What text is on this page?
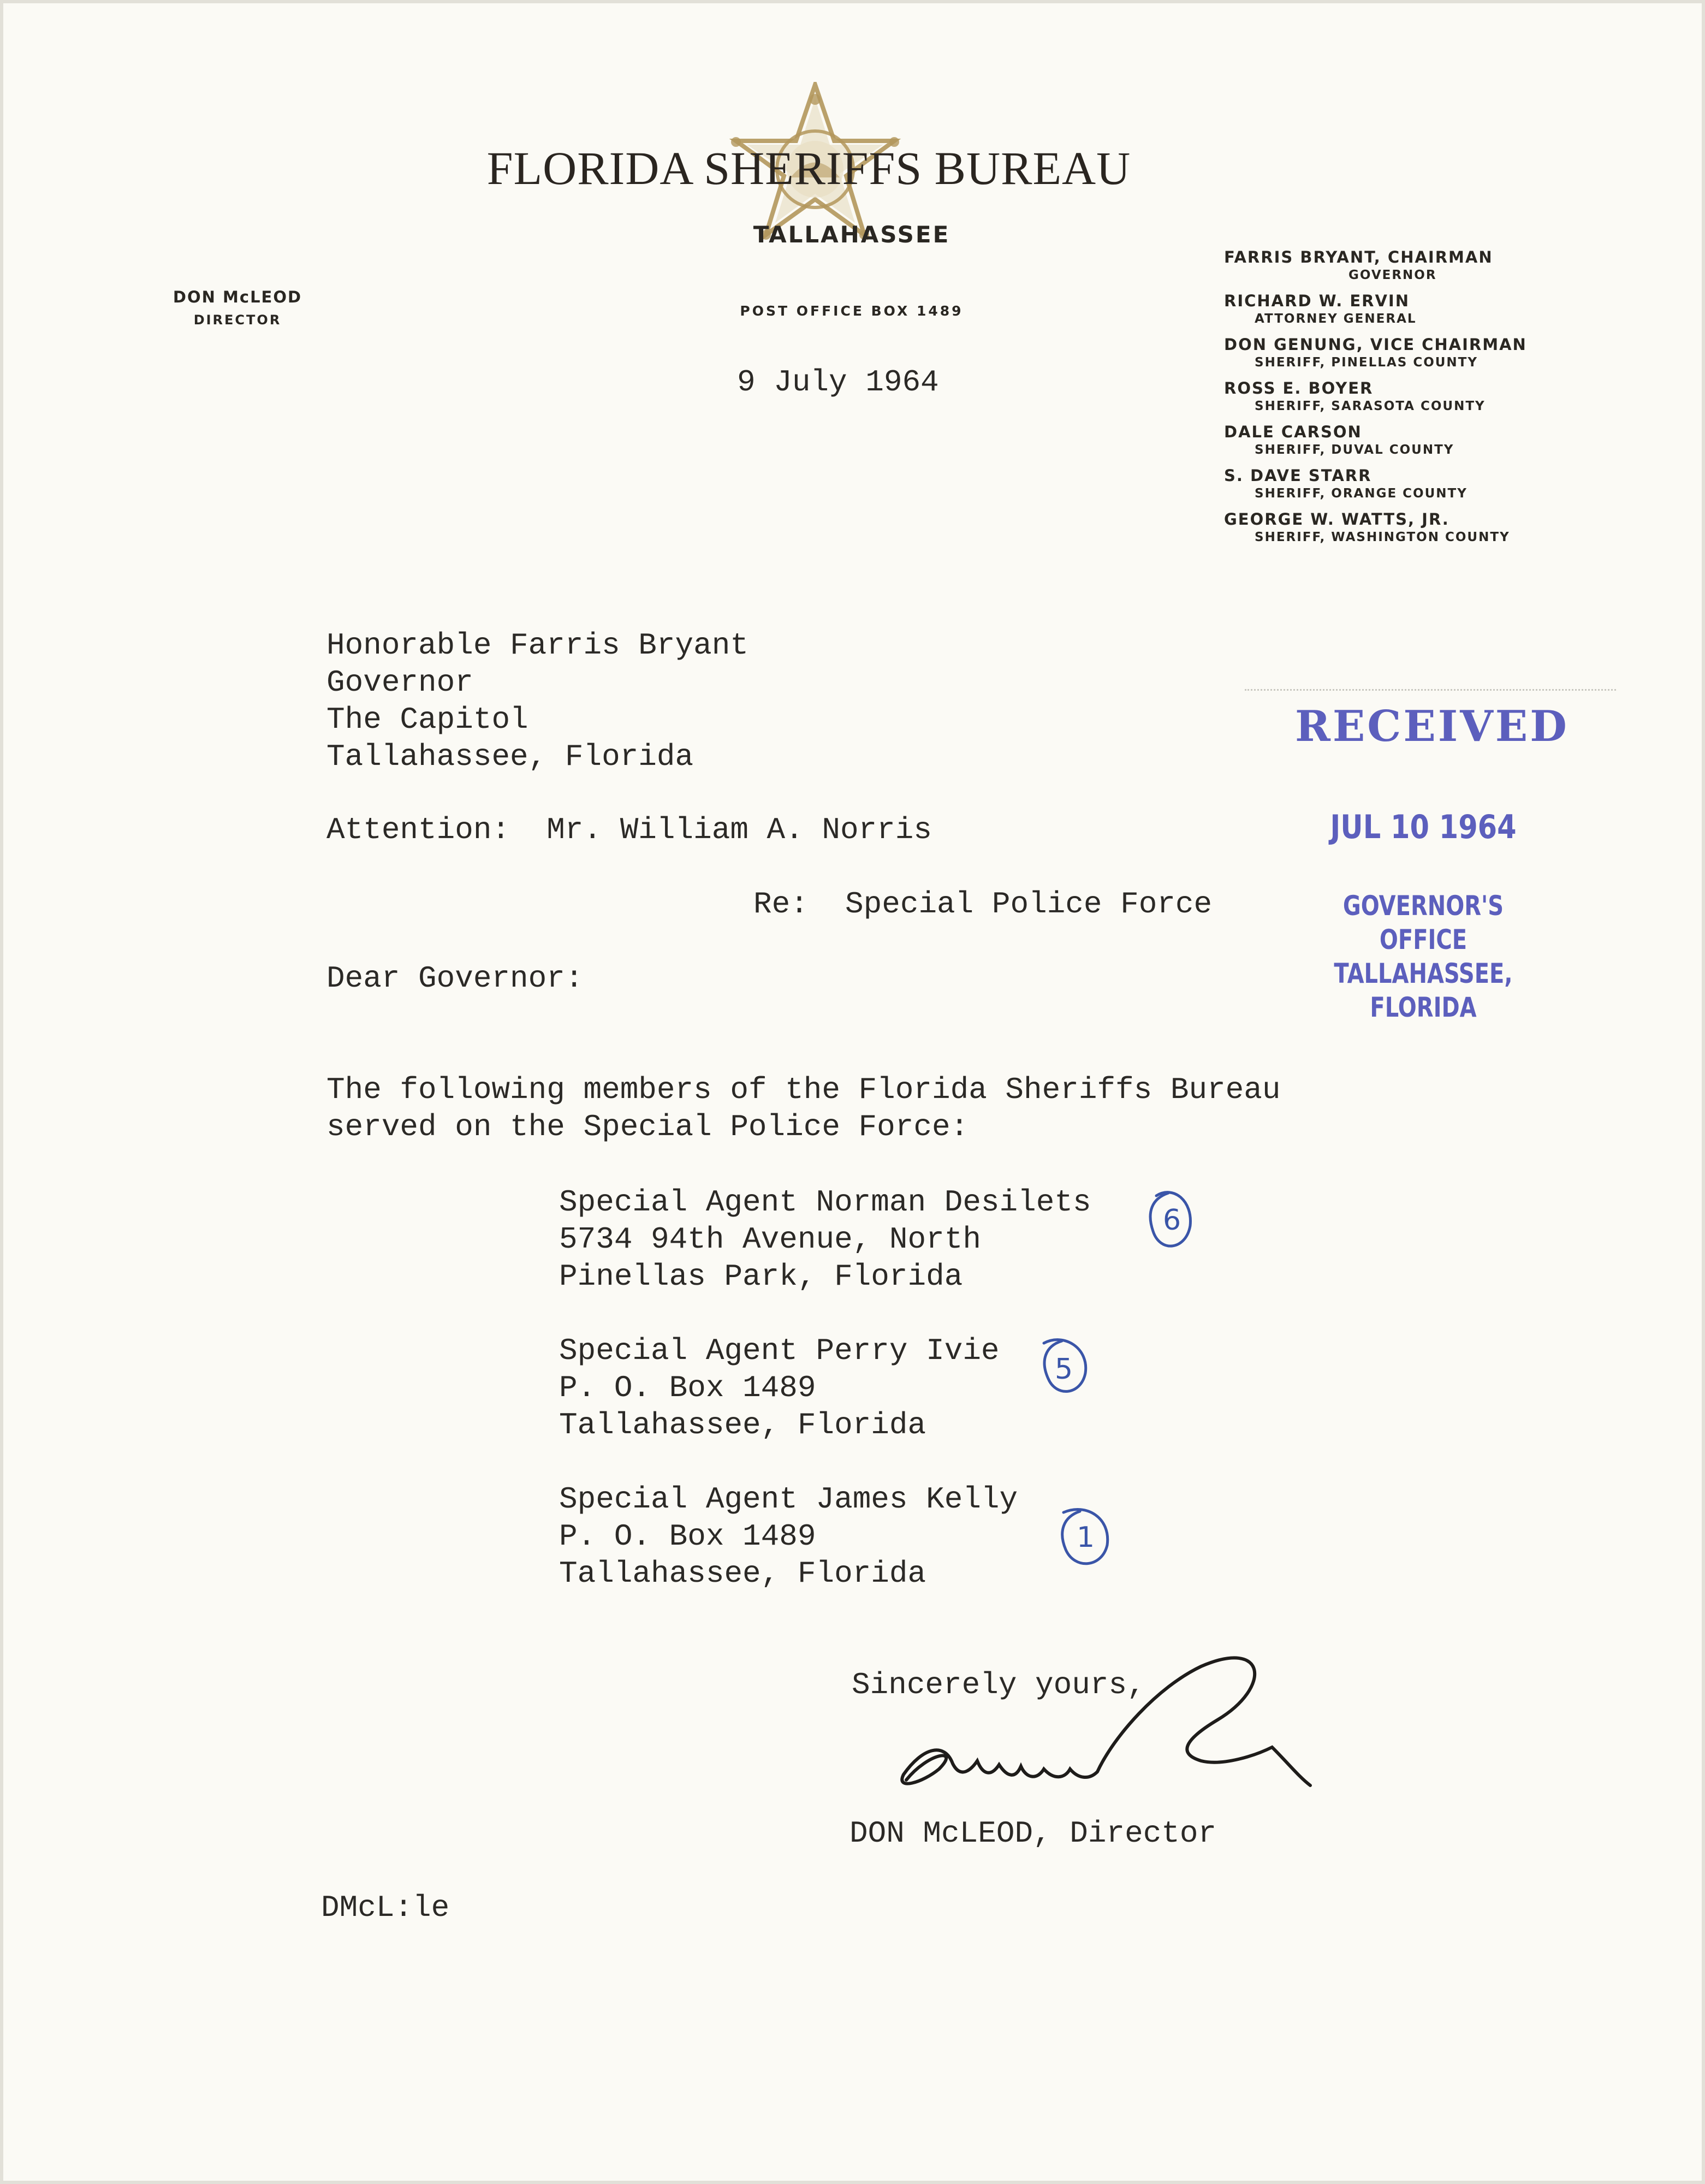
FLORIDA SHERIFFS BUREAU
TALLAHASSEE
POST OFFICE BOX 1489
DON McLEOD
DIRECTOR
FARRIS BRYANT, CHAIRMAN
GOVERNOR
RICHARD W. ERVIN
ATTORNEY GENERAL
DON GENUNG, VICE CHAIRMAN
SHERIFF, PINELLAS COUNTY
ROSS E. BOYER
SHERIFF, SARASOTA COUNTY
DALE CARSON
SHERIFF, DUVAL COUNTY
S. DAVE STARR
SHERIFF, ORANGE COUNTY
GEORGE W. WATTS, JR.
SHERIFF, WASHINGTON COUNTY
9 July 1964
Honorable Farris Bryant
Governor
The Capitol
Tallahassee, Florida
Attention:  Mr. William A. Norris
Re:  Special Police Force
Dear Governor:
The following members of the Florida Sheriffs Bureau
served on the Special Police Force:
Special Agent Norman Desilets
5734 94th Avenue, North
Pinellas Park, Florida
Special Agent Perry Ivie
P. O. Box 1489
Tallahassee, Florida
Special Agent James Kelly
P. O. Box 1489
Tallahassee, Florida
Sincerely yours,
DON McLEOD, Director
DMcL:le
RECEIVED
JUL 10 1964
GOVERNOR'S OFFICE
TALLAHASSEE, FLORIDA
6
5
1
